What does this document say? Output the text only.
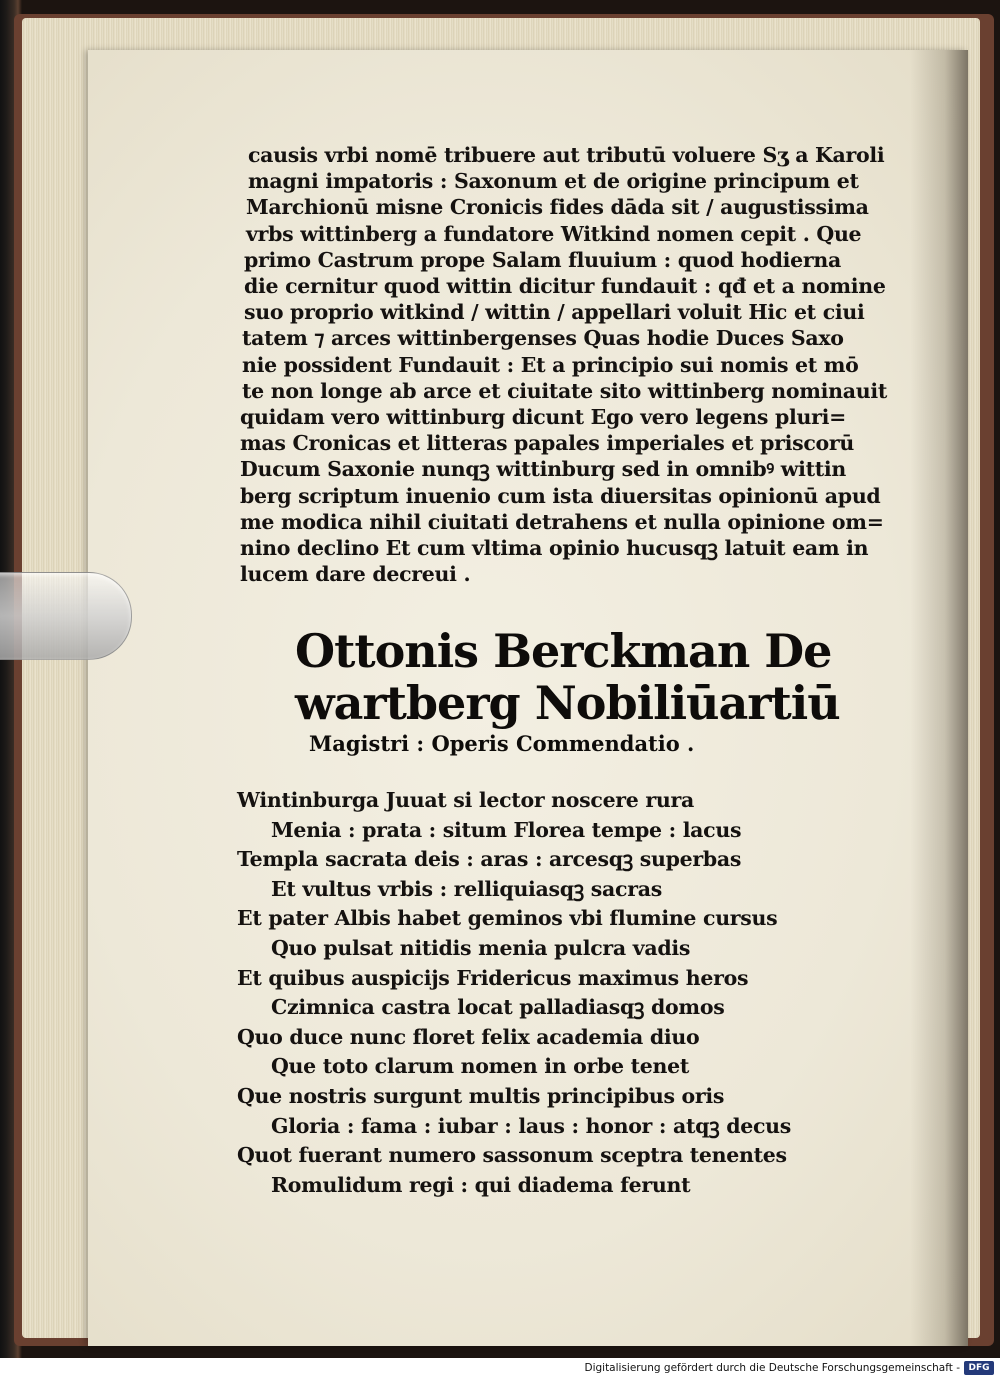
causis vrbi nomē tribuere aut tributū voluere Sʒ a Karoli
magni impatoris : Saxonum et de origine principum et
Marchionū misne Cronicis fides dāda sit / augustissima
vrbs wittinberg a fundatore Witkind nomen cepit . Que
primo Castrum prope Salam fluuium : quod hodierna
die cernitur quod wittin dicitur fundauit : qđ et a nomine
suo proprio witkind / wittin / appellari voluit Hic et ciui
tatem ⁊ arces wittinbergenses Quas hodie Duces Saxo
nie possident Fundauit : Et a principio sui nomis et mō
te non longe ab arce et ciuitate sito wittinberg nominauit
quidam vero wittinburg dicunt Ego vero legens pluri=
mas Cronicas et litteras papales imperiales et priscorū
Ducum Saxonie nunqꝫ wittinburg sed in omnibꝰ wittin
berg scriptum inuenio cum ista diuersitas opinionū apud
me modica nihil ciuitati detrahens et nulla opinione om=
nino declino Et cum vltima opinio hucusqꝫ latuit eam in
lucem dare decreui .
Ottonis Berckman De
wartberg Nobiliūartiū
Magistri : Operis Commendatio .
Wintinburga Juuat si lector noscere rura
Menia : prata : situm Florea tempe : lacus
Templa sacrata deis : aras : arcesqꝫ superbas
Et vultus vrbis : relliquiasqꝫ sacras
Et pater Albis habet geminos vbi flumine cursus
Quo pulsat nitidis menia pulcra vadis
Et quibus auspicijs Fridericus maximus heros
Czimnica castra locat palladiasqꝫ domos
Quo duce nunc floret felix academia diuo
Que toto clarum nomen in orbe tenet
Que nostris surgunt multis principibus oris
Gloria : fama : iubar : laus : honor : atqꝫ decus
Quot fuerant numero sassonum sceptra tenentes
Romulidum regi : qui diadema ferunt
Digitalisierung gefördert durch die Deutsche Forschungsgemeinschaft - DFG
